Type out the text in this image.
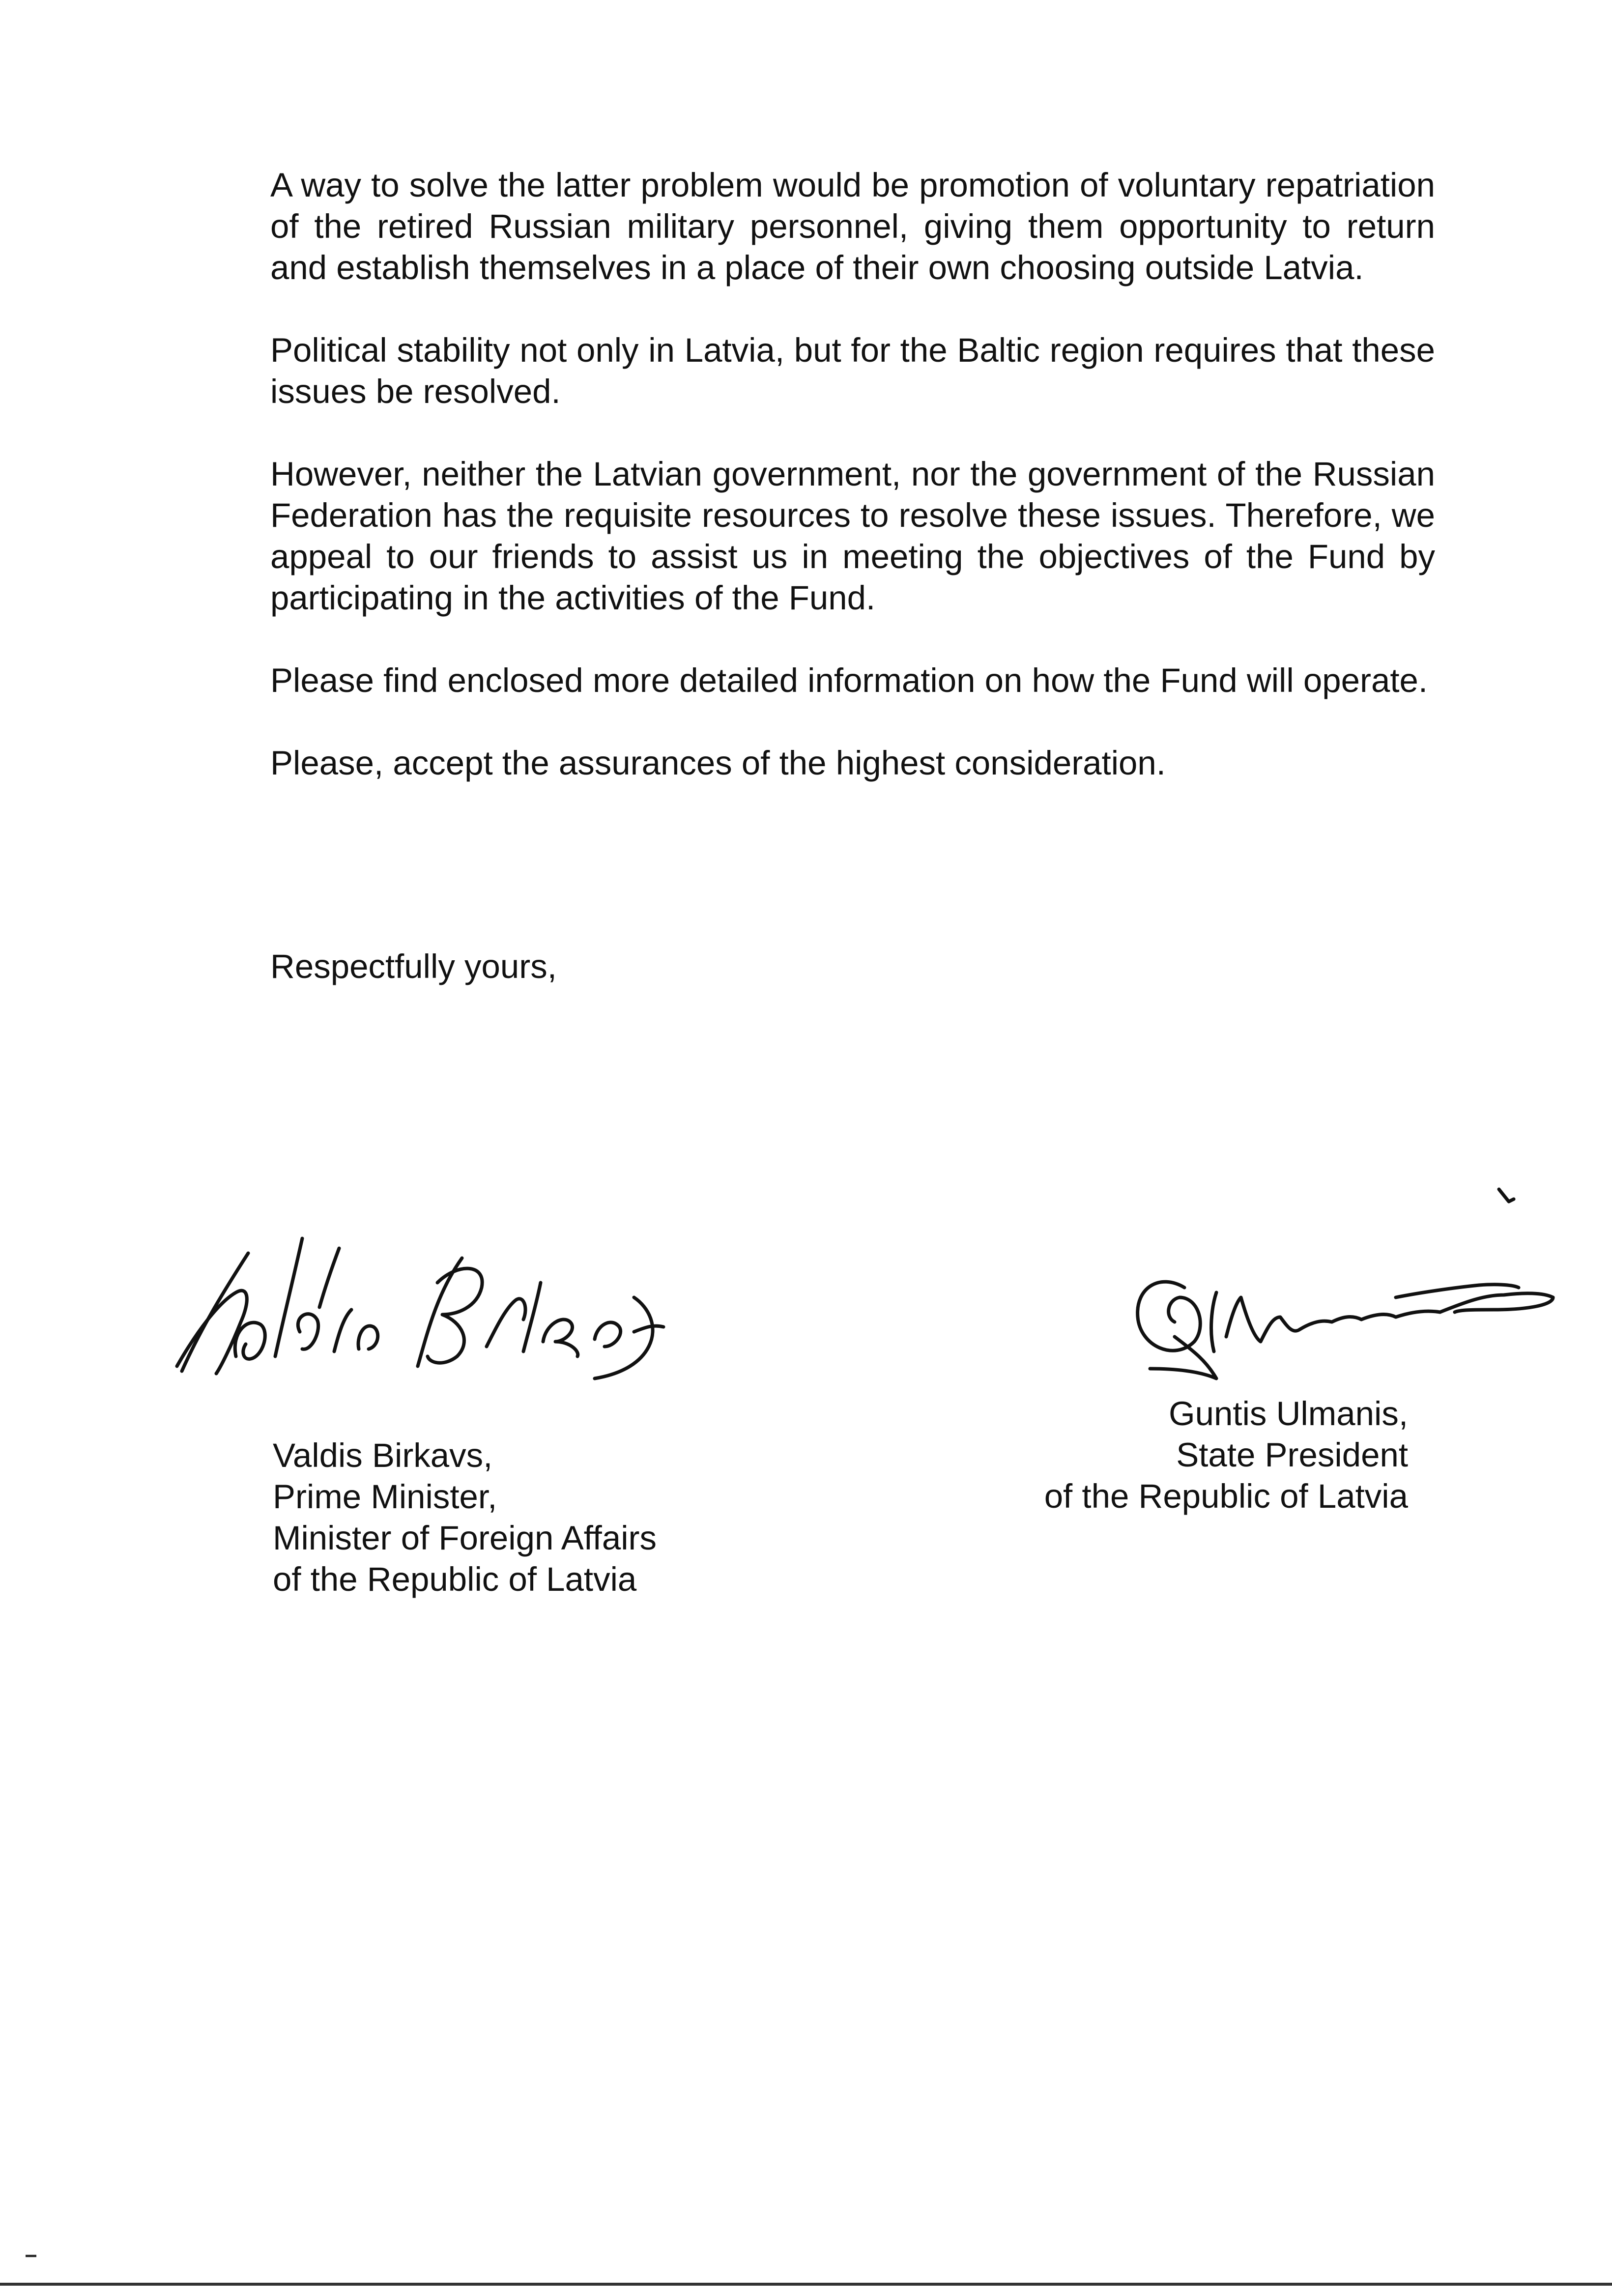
A way to solve the latter problem would be promotion of voluntary repatriation of the retired Russian military personnel, giving them opportunity to return and establish themselves in a place of their own choosing outside Latvia.

Political stability not only in Latvia, but for the Baltic region requires that these issues be resolved.

However, neither the Latvian government, nor the government of the Russian Federation has the requisite resources to resolve these issues. Therefore, we appeal to our friends to assist us in meeting the objectives of the Fund by participating in the activities of the Fund.

Please find enclosed more detailed information on how the Fund will operate.

Please, accept the assurances of the highest consideration.

Respectfully yours,

Valdis Birkavs,
Prime Minister,
Minister of Foreign Affairs
of the Republic of Latvia
Guntis Ulmanis,
State President
of the Republic of Latvia
